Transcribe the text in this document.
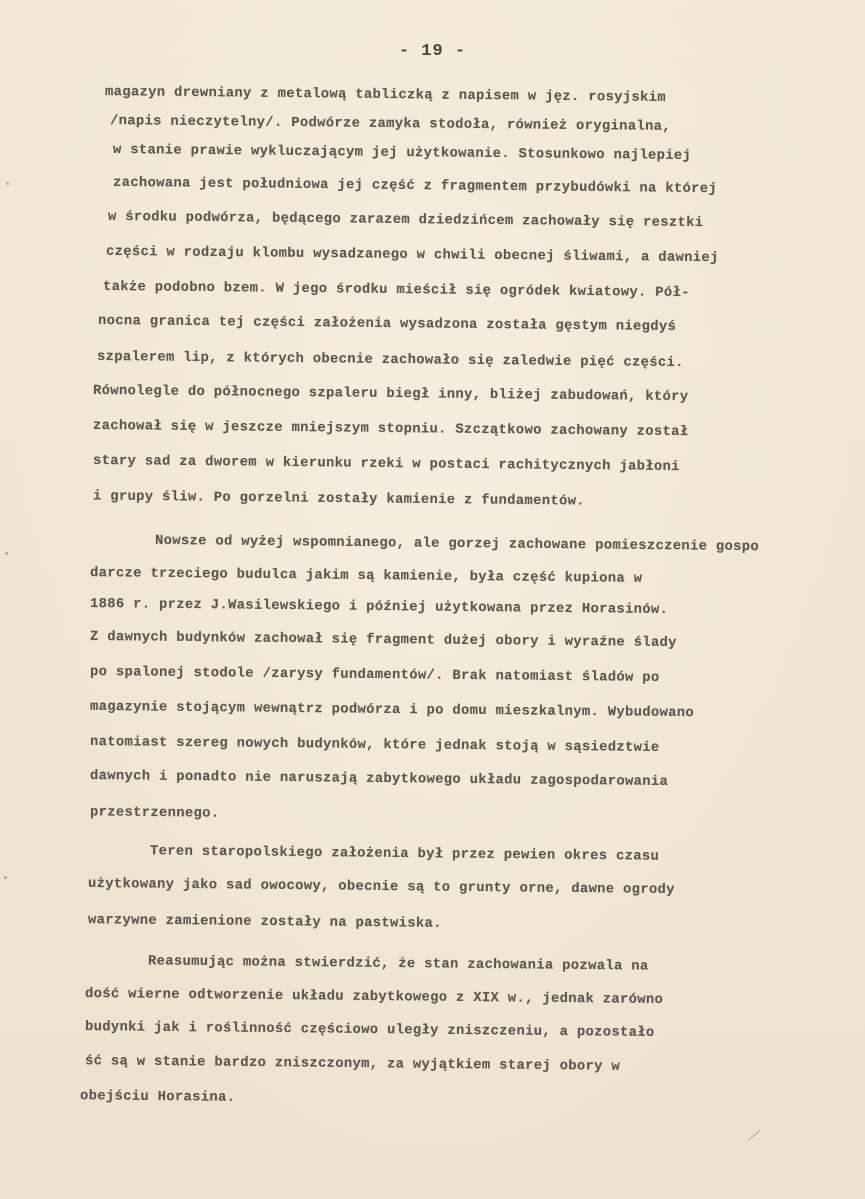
- 19 -
magazyn drewniany z metalową tabliczką z napisem w jęz. rosyjskim
/napis nieczytelny/. Podwórze zamyka stodoła, również oryginalna,
w stanie prawie wykluczającym jej użytkowanie. Stosunkowo najlepiej
zachowana jest południowa jej część z fragmentem przybudówki na której
w środku podwórza, będącego zarazem dziedzińcem zachowały się resztki
części w rodzaju klombu wysadzanego w chwili obecnej śliwami, a dawniej
także podobno bzem. W jego środku mieścił się ogródek kwiatowy. Pół-
nocna granica tej części założenia wysadzona została gęstym niegdyś
szpalerem lip, z których obecnie zachowało się zaledwie pięć części.
Równolegle do północnego szpaleru biegł inny, bliżej zabudowań, który
zachował się w jeszcze mniejszym stopniu. Szczątkowo zachowany został
stary sad za dworem w kierunku rzeki w postaci rachitycznych jabłoni
i grupy śliw. Po gorzelni zostały kamienie z fundamentów.
Nowsze od wyżej wspomnianego, ale gorzej zachowane pomieszczenie gospo
darcze trzeciego budulca jakim są kamienie, była część kupiona w
1886 r. przez J.Wasilewskiego i później użytkowana przez Horasinów.
Z dawnych budynków zachował się fragment dużej obory i wyraźne ślady
po spalonej stodole /zarysy fundamentów/. Brak natomiast śladów po
magazynie stojącym wewnątrz podwórza i po domu mieszkalnym. Wybudowano
natomiast szereg nowych budynków, które jednak stoją w sąsiedztwie
dawnych i ponadto nie naruszają zabytkowego układu zagospodarowania
przestrzennego.
Teren staropolskiego założenia był przez pewien okres czasu
użytkowany jako sad owocowy, obecnie są to grunty orne, dawne ogrody
warzywne zamienione zostały na pastwiska.
Reasumując można stwierdzić, że stan zachowania pozwala na
dość wierne odtworzenie układu zabytkowego z XIX w., jednak zarówno
budynki jak i roślinność częściowo uległy zniszczeniu, a pozostało
ść są w stanie bardzo zniszczonym, za wyjątkiem starej obory w
obejściu Horasina.
